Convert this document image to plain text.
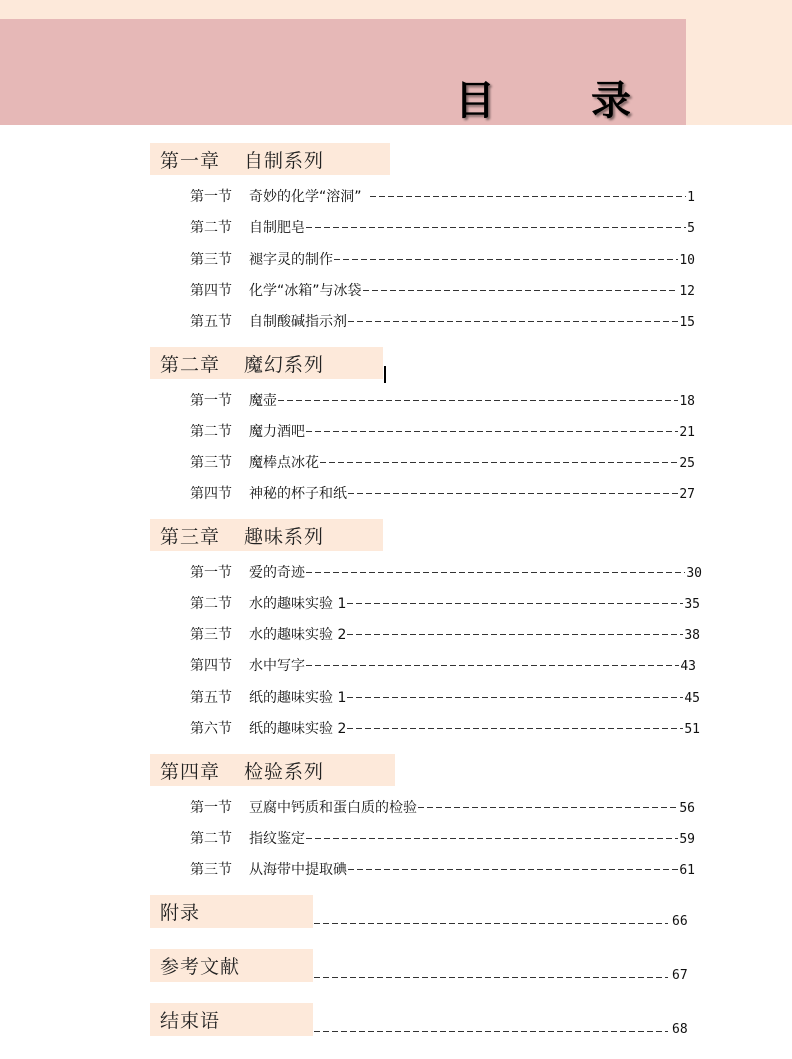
目 录
第一章 自制系列
第一节 奇妙的化学“溶洞”	1
第二节 自制肥皂	5
第三节 褪字灵的制作	10
第四节 化学“冰箱”与冰袋	12
第五节 自制酸碱指示剂	15
第二章 魔幻系列
第一节 魔壶	18
第二节 魔力酒吧	21
第三节 魔棒点冰花	25
第四节 神秘的杯子和纸	27
第三章 趣味系列
第一节 爱的奇迹	30
第二节 水的趣味实验 1	35
第三节 水的趣味实验 2	38
第四节 水中写字	43
第五节 纸的趣味实验 1	45
第六节 纸的趣味实验 2	51
第四章 检验系列
第一节 豆腐中钙质和蛋白质的检验	56
第二节 指纹鉴定	59
第三节 从海带中提取碘	61
附录	66
参考文献	67
结束语	68
